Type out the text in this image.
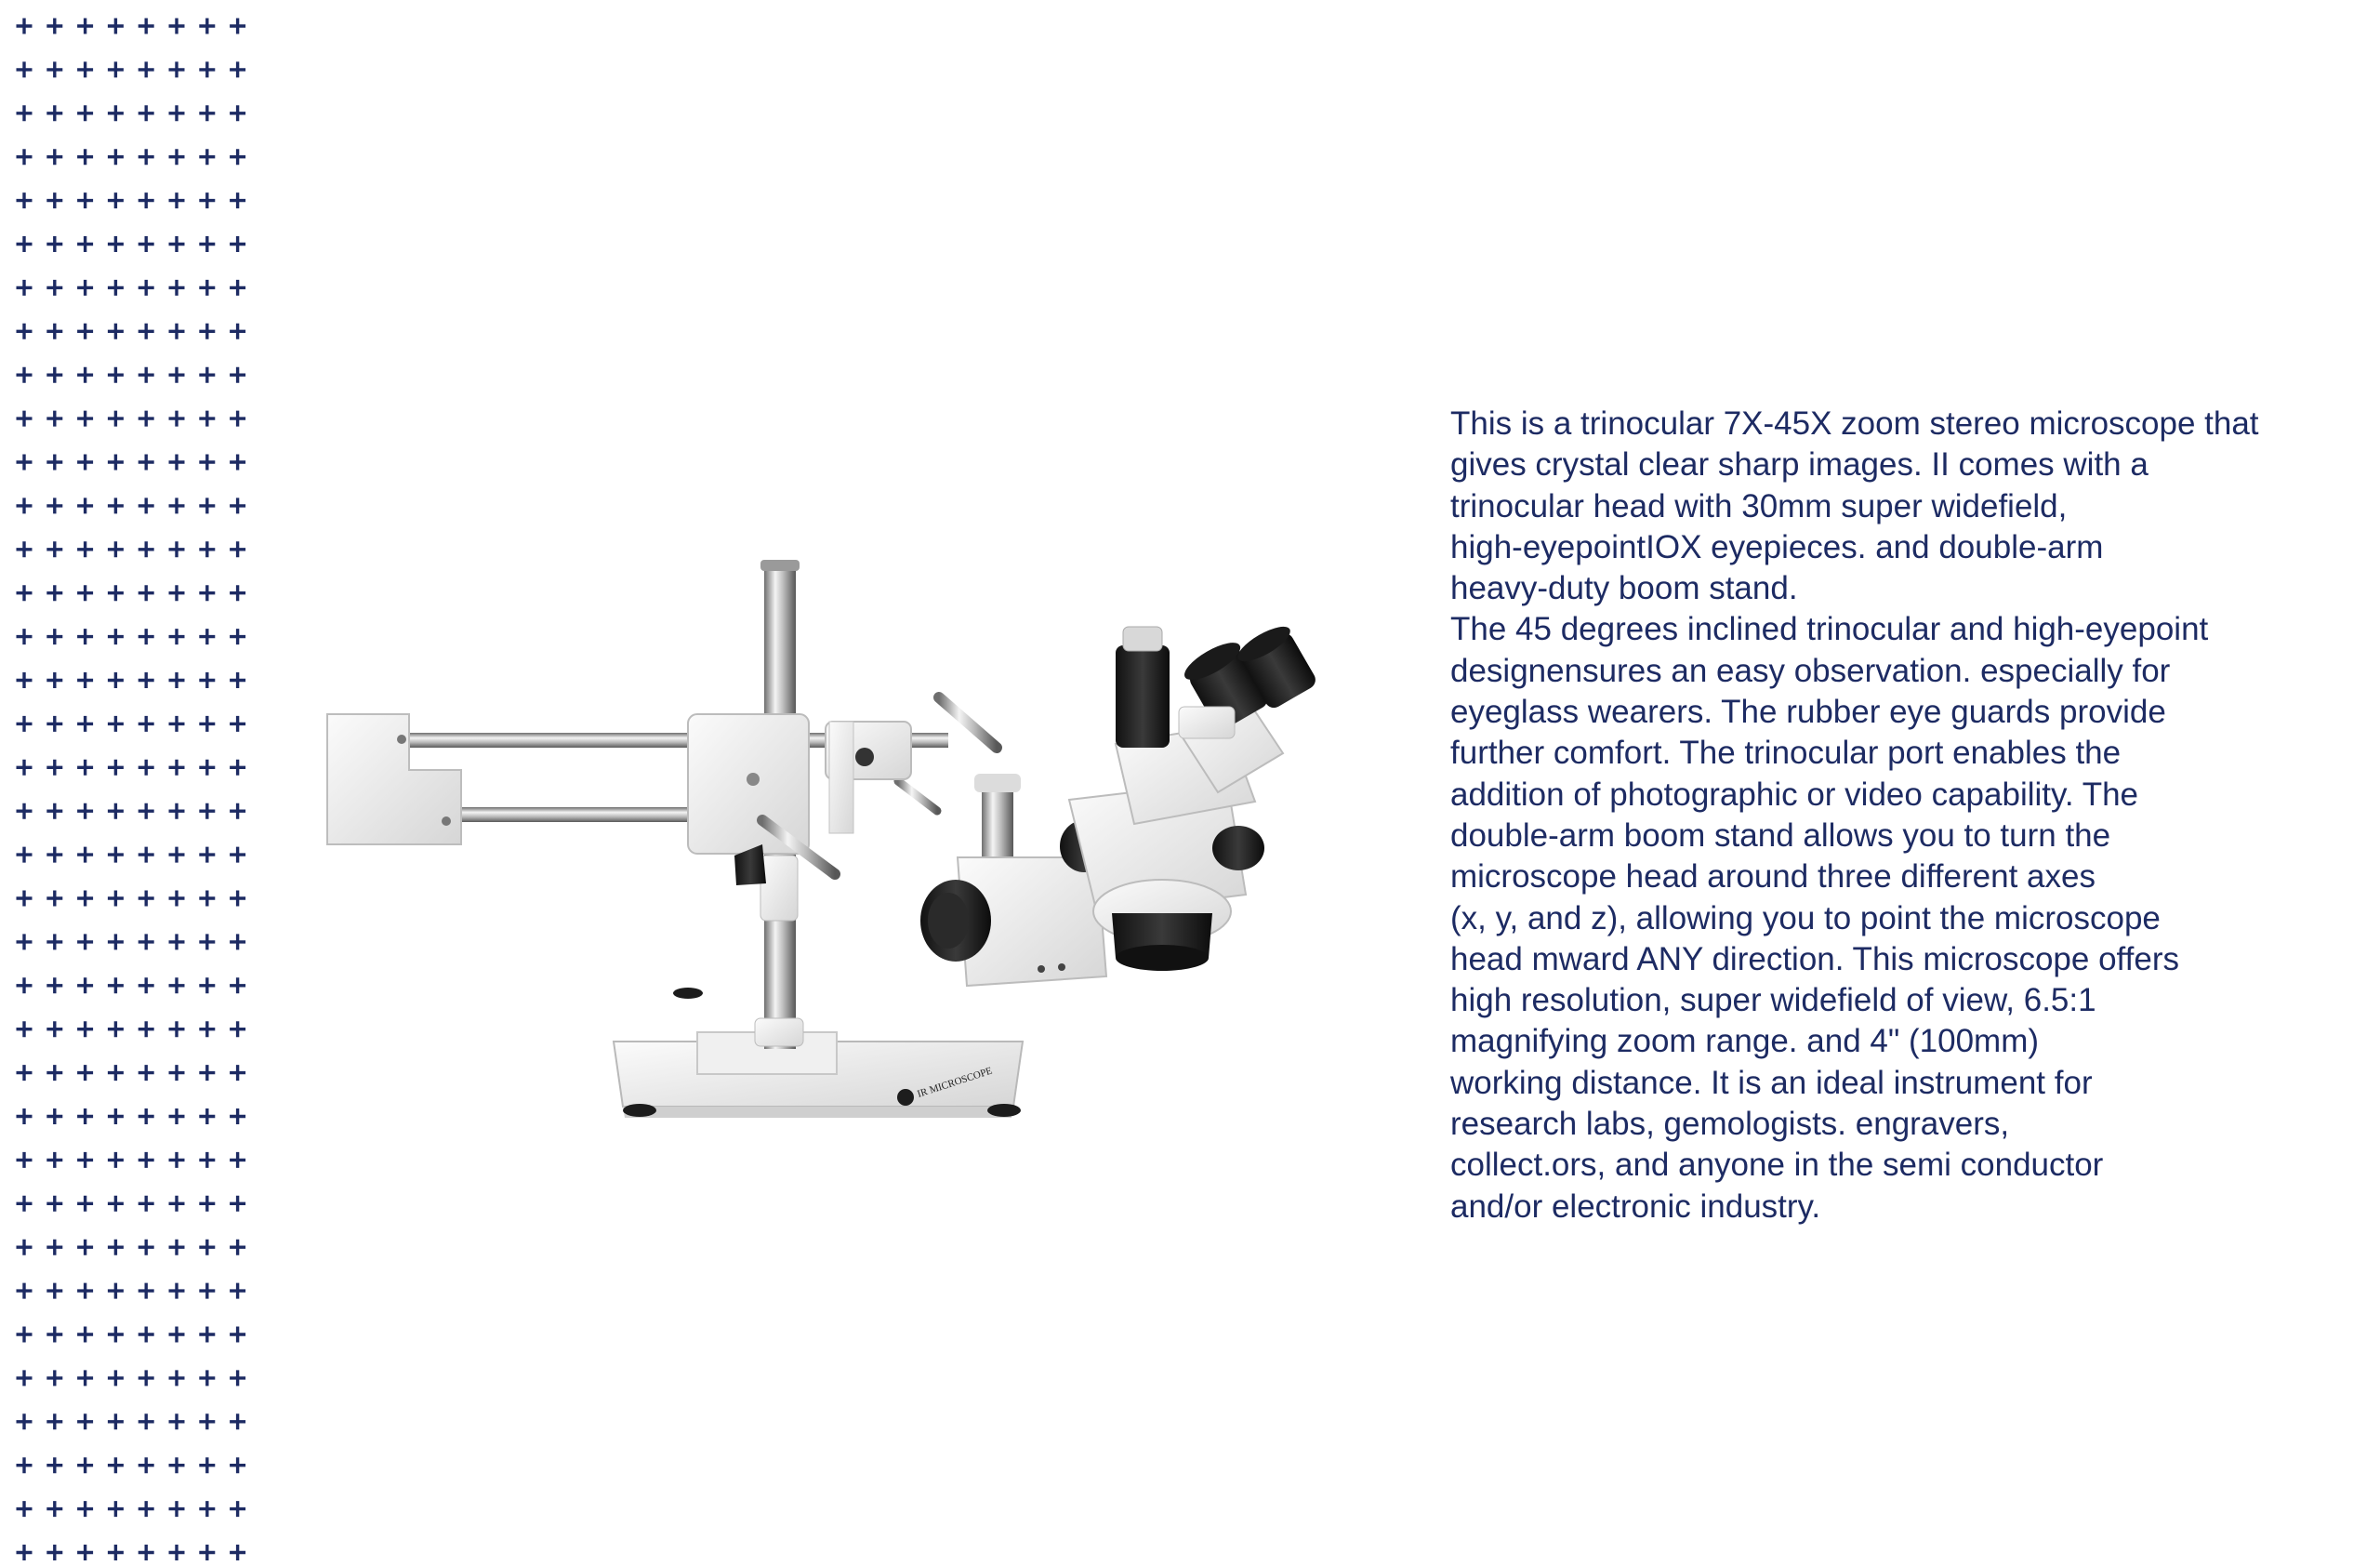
IR MICROSCOPE

This is a trinocular 7X-45X zoom stereo microscope that
gives crystal clear sharp images. II comes with a
trinocular head with 30mm super widefield,
high-eyepointIOX eyepieces. and double-arm
heavy-duty boom stand.
The 45 degrees inclined trinocular and high-eyepoint
designensures an easy observation. especially for
eyeglass wearers. The rubber eye guards provide
further comfort. The trinocular port enables the
addition of photographic or video capability. The
double-arm boom stand allows you to turn the
microscope head around three different axes
(x, y, and z), allowing you to point the microscope
head mward ANY direction. This microscope offers
high resolution, super widefield of view, 6.5:1
magnifying zoom range. and 4" (100mm)
working distance. It is an ideal instrument for
research labs, gemologists. engravers,
collect.ors, and anyone in the semi conductor
and/or electronic industry.
